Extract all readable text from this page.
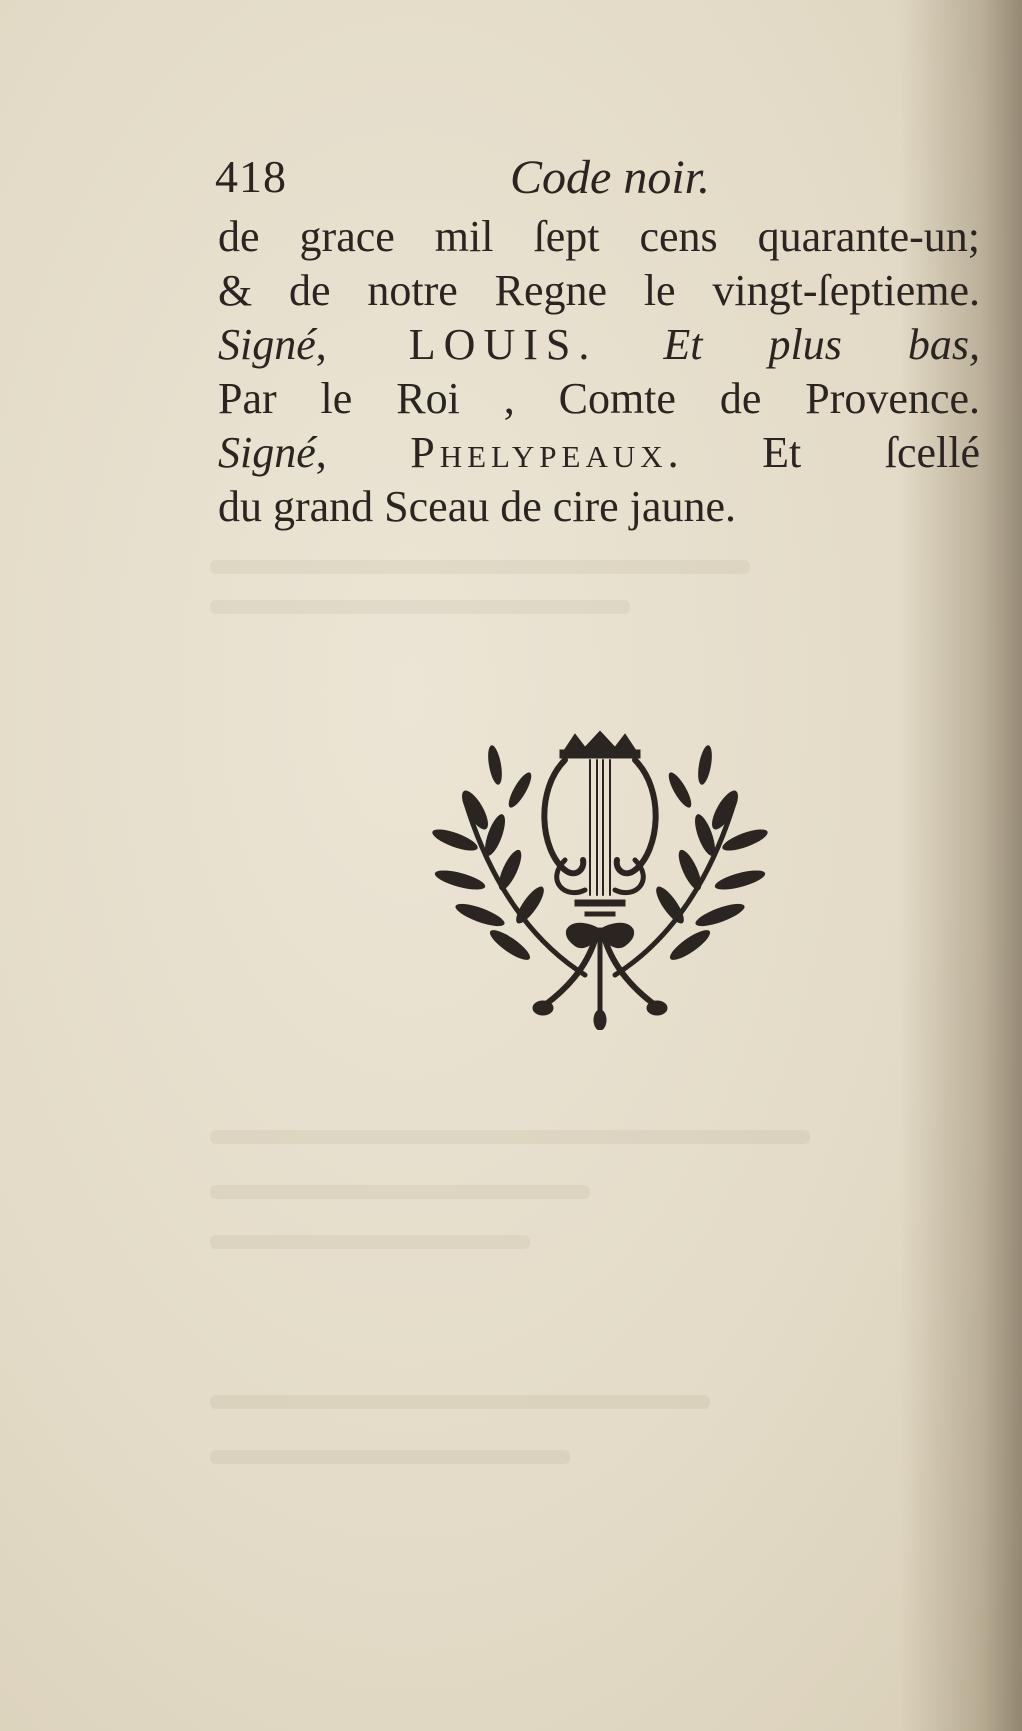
418	Code noir.
de grace mil ſept cens quarante-un;
& de notre Regne le vingt-ſeptieme.
Signé, LOUIS. Et plus bas,
Par le Roi , Comte de Provence.
Signé, Phelypeaux. Et ſcellé
du grand Sceau de cire jaune.
